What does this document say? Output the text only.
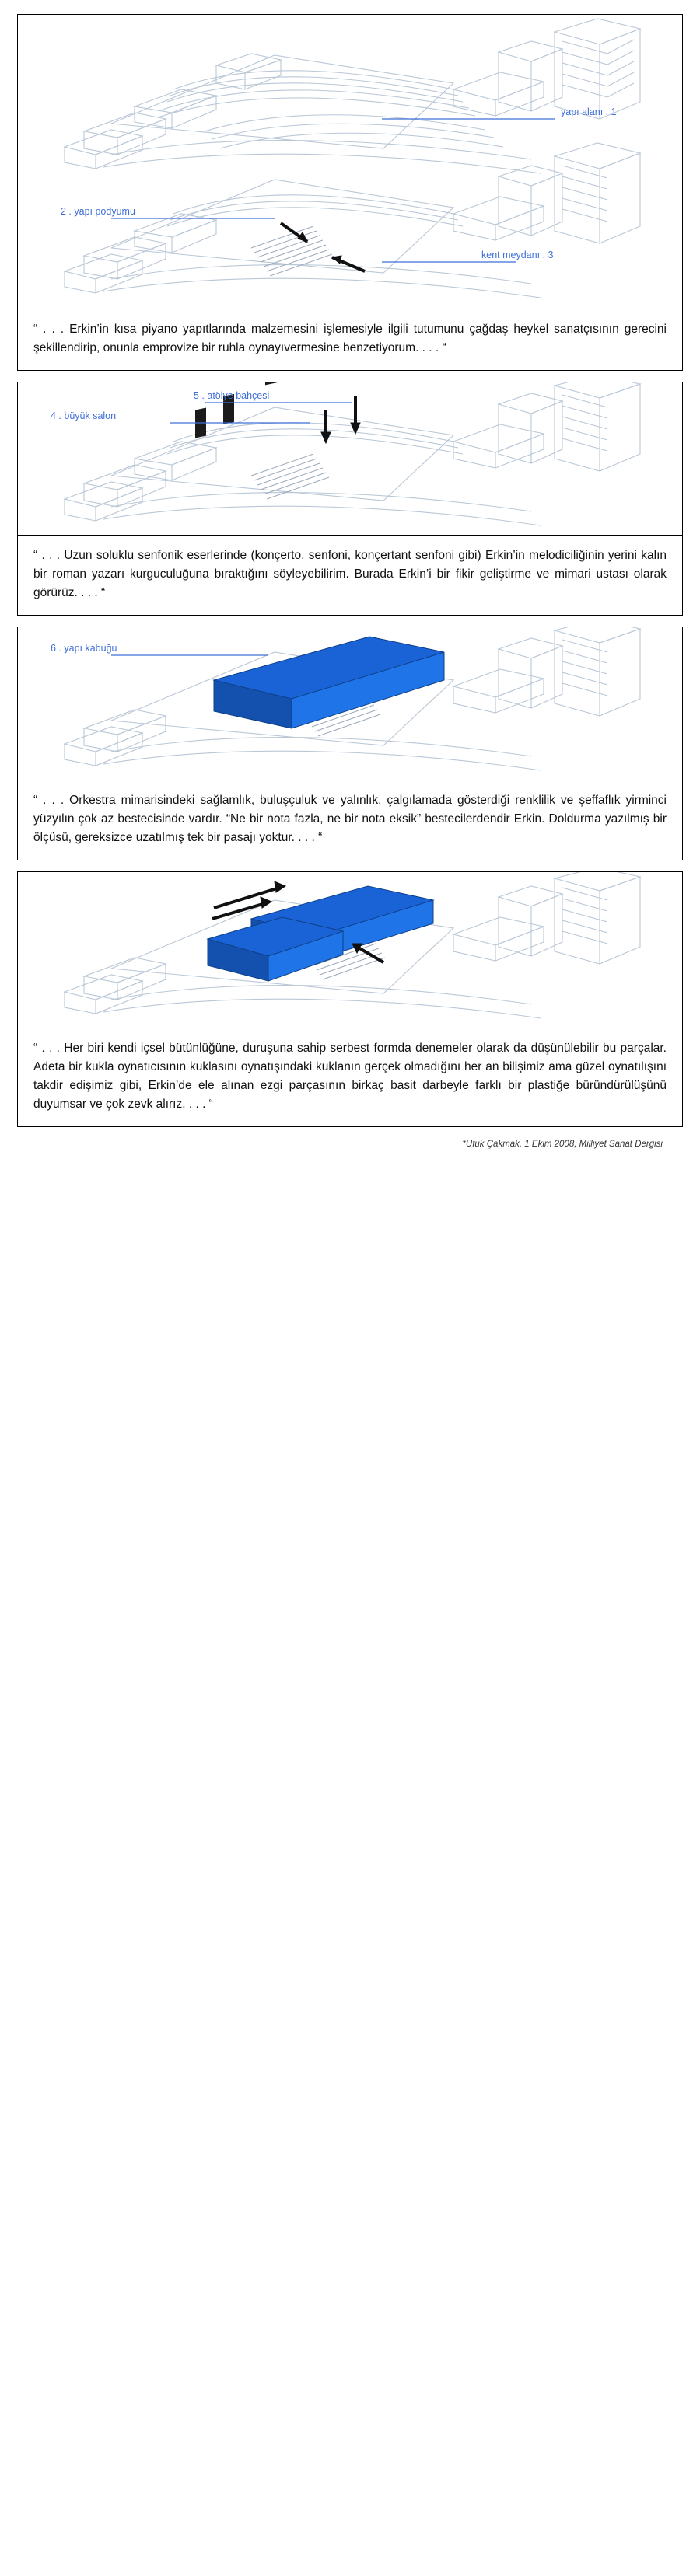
yapı alanı . 1
2 . yapı podyumu
kent meydanı . 3
“ . . . Erkin’in kısa piyano yapıtlarında malzemesini işlemesiyle ilgili tutumunu çağdaş heykel sanatçısının gerecini şekillendirip, onunla emprovize bir ruhla oynayıvermesine benzetiyorum. . . . “
5 . atölye bahçesi
4 . büyük salon
“ . . . Uzun soluklu senfonik eserlerinde (konçerto, senfoni, konçertant senfoni gibi) Erkin’in melodiciliğinin yerini kalın bir roman yazarı kurguculuğuna bıraktığını söyleyebilirim. Burada Erkin’i bir fikir geliştirme ve mimari ustası olarak görürüz. . . . “
6 . yapı kabuğu
“ . . . Orkestra mimarisindeki sağlamlık, buluşçuluk ve yalınlık, çalgılamada gösterdiği renklilik ve şeffaflık yirminci yüzyılın çok az bestecisinde vardır. “Ne bir nota fazla, ne bir nota eksik” bestecilerdendir Erkin. Doldurma yazılmış bir ölçüsü, gereksizce uzatılmış tek bir pasajı yoktur. . . . “
“ . . . Her biri kendi içsel bütünlüğüne, duruşuna sahip serbest formda denemeler olarak da düşünülebilir bu parçalar. Adeta bir kukla oynatıcısının kuklasını oynatışındaki kuklanın gerçek olmadığını her an bilişimiz ama güzel oynatılışını takdir edişimiz gibi, Erkin’de ele alınan ezgi parçasının birkaç basit darbeyle farklı bir plastiğe büründürülüşünü duyumsar ve çok zevk alırız. . . . “
*Ufuk Çakmak, 1 Ekim 2008, Milliyet Sanat Dergisi
